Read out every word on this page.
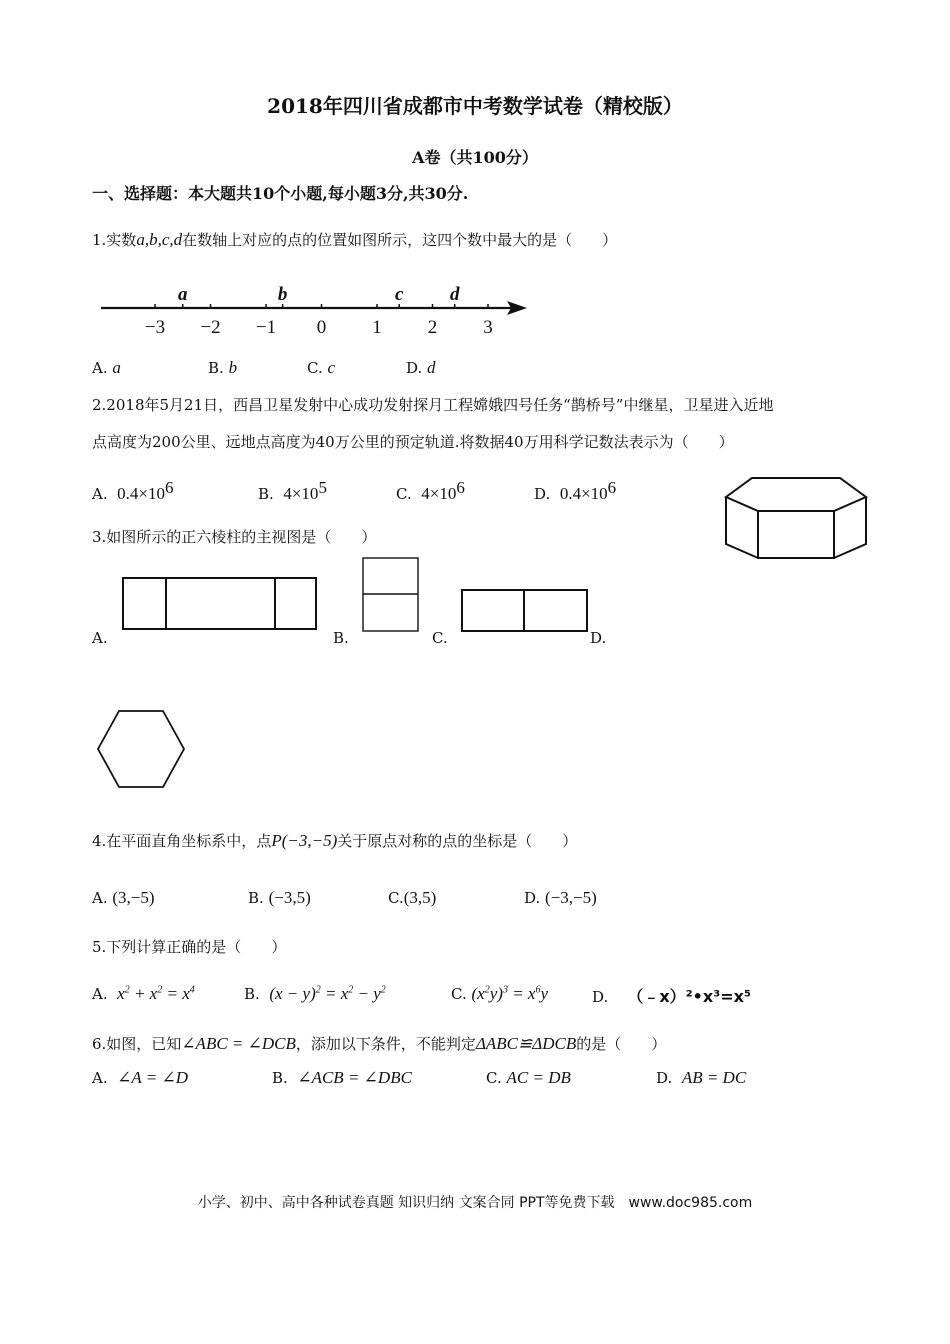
2018年四川省成都市中考数学试卷（精校版）
A卷（共100分）
一、选择题：本大题共10个小题,每小题3分,共30分.
1.实数a,b,c,d在数轴上对应的点的位置如图所示，这四个数中最大的是（　　）
−3 −2 −1 0 1 2 3
a	b	c d
A. a	B. b	C. c	D. d
2.2018年5月21日，西昌卫星发射中心成功发射探月工程嫦娥四号任务“鹊桥号”中继星，卫星进入近地
点高度为200公里、远地点高度为40万公里的预定轨道.将数据40万用科学记数法表示为（　　）
A. $0.4\times 10^6$	B. $4\times 10^5$	C. $4\times 10^6$	D. $0.4\times 10^6$
3.如图所示的正六棱柱的主视图是（　　）
A.	B.	C.	D.
4.在平面直角坐标系中，点P(−3,−5)关于原点对称的点的坐标是（　　）
A. (3,−5)	B. (−3,5)	C.(3,5)	D. (−3,−5)
5.下列计算正确的是（　　）
A. $x^2 + x^2 = x^4$	B. $(x - y)^2 = x^2 - y^2$	C. $(x^2y)^3 = x^6y$	D. （﹣x）²•x³=x⁵
6.如图，已知∠ABC = ∠DCB，添加以下条件，不能判定ΔABC≌ΔDCB的是（　　）
A. ∠A = ∠D	B. ∠ACB = ∠DBC	C. AC = DB	D. AB = DC
小学、初中、高中各种试卷真题 知识归纳 文案合同 PPT等免费下载　www.doc985.com
